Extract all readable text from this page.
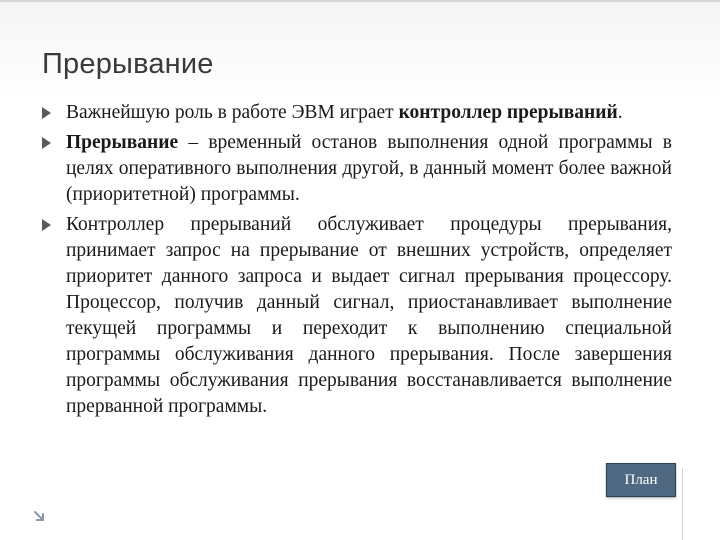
Прерывание
Важнейшую роль в работе ЭВМ играет контроллер прерываний.
Прерывание – временный останов выполнения одной программы в целях оперативного выполнения другой, в данный момент более важной (приоритетной) программы.
Контроллер прерываний обслуживает процедуры прерывания, принимает запрос на прерывание от внешних устройств, определяет приоритет данного запроса и выдает сигнал прерывания процессору. Процессор, получив данный сигнал, приостанавливает выполнение текущей программы и переходит к выполнению специальной программы обслуживания данного прерывания. После завершения программы обслуживания прерывания восстанавливается выполнение прерванной программы.
План
